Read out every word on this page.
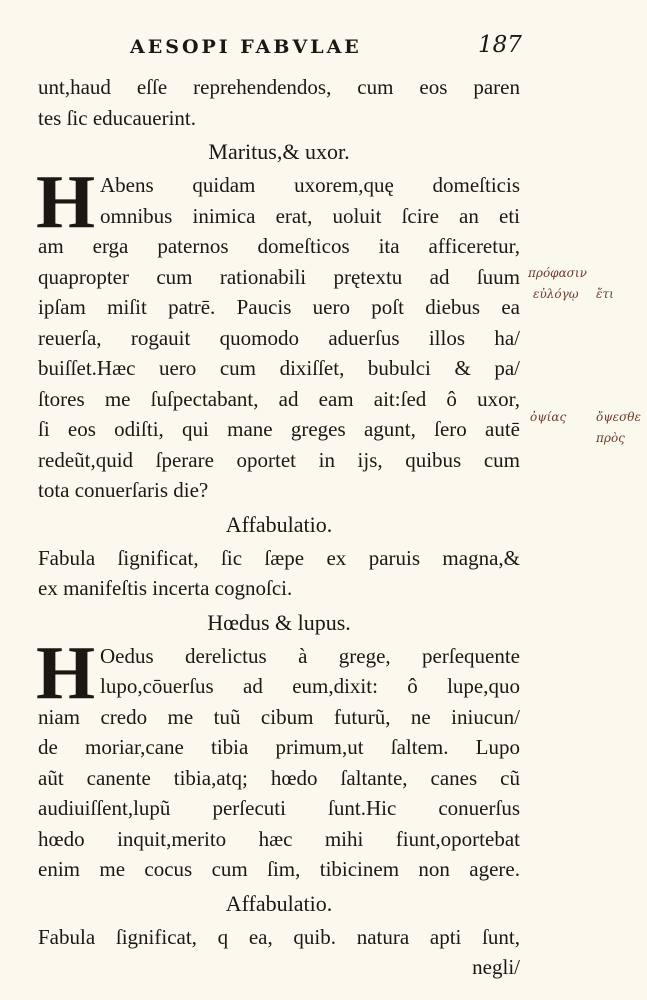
AESOPI FABVLAE	187
unt,haud eſſe reprehendendos, cum eos paren
tes ſic educauerint.
Maritus,& uxor.
H Abens quidam uxorem,quę domeſticis
omnibus inimica erat, uoluit ſcire an eti
am erga paternos domeſticos ita afficeretur,
quapropter cum rationabili prętextu ad ſuum
ipſam miſit patrē. Paucis uero poſt diebus ea
reuerſa, rogauit quomodo aduerſus illos ha/
buiſſet.Hæc uero cum dixiſſet, bubulci & pa/
ſtores me ſuſpectabant, ad eam ait:ſed ô uxor,
ſi eos odiſti, qui mane greges agunt, ſero autē
redeũt,quid ſperare oportet in ijs, quibus cum
tota conuerſaris die?
Affabulatio.
Fabula ſignificat, ſic ſæpe ex paruis magna,&
ex manifeſtis incerta cognoſci.
Hœdus & lupus.
H Oedus derelictus à grege, perſequente
lupo,cōuerſus ad eum,dixit: ô lupe,quo
niam credo me tuũ cibum futurũ, ne iniucun/
de moriar,cane tibia primum,ut ſaltem. Lupo
aũt canente tibia,atq; hœdo ſaltante, canes cũ
audiuiſſent,lupũ perſecuti ſunt.Hic conuerſus
hœdo inquit,merito hæc mihi fiunt,oportebat
enim me cocus cum ſim, tibicinem non agere.
Affabulatio.
Fabula ſignificat, q ea, quib. natura apti ſunt,
negli/
πρόφασιν
εὐλόγῳ ἔτι
ὀψίας ὄψεσθε
πρὸς
